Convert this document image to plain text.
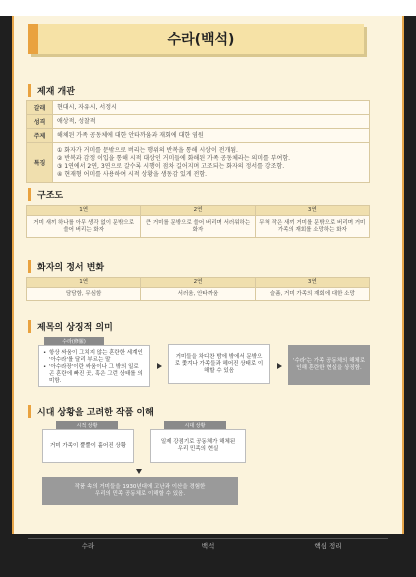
수라(백석)
제재 개관
갈래	현대시, 자유시, 서정시
성격	애상적, 성찰적
주제	해체된 가족 공동체에 대한 안타까움과 재회에 대한 염원
특징	① 화자가 거미를 문밖으로 버리는 행위의 반복을 통해 시상이 전개됨.
② 반복과 감정 이입을 통해 시적 대상인 거미들에 화해된 가족 공동체라는 의미를 부여함.
③ 1연에서 2연, 3연으로 갈수록 시행이 점차 길어지며 고조되는 화자의 정서를 강조함.
④ 현재형 어미를 사용하여 시적 상황을 생동감 있게 전함.
구조도
1연	2연	3연
거미 새끼 하나를 아무 생각 없이 문밖으로 쓸어 버리는 화자	큰 거미를 문밖으로 쓸어 버리며 서러워하는 화자	무척 작은 새끼 거미를 문밖으로 버리며 거미 가족의 재회를 소망하는 화자
화자의 정서 변화
1연	2연	3연
담담함, 무심함	서러움, 안타까움	슬픔, 거미 가족의 재회에 대한 소망
제목의 상징적 의미
수라(修羅)
• 항상 싸움이 그치지 않는 혼란한 세계인 '아수라'를 달리 부르는 말
• '아수라장'이란 싸움이나 그 밖의 일로 곤 혼란에 빠진 곳, 혹은 그런 상태를 의미함.
거미들을 차디찬 밤에 밖에서 문밖으로 쫓겨나 가족들과 헤어진 상태로 이해할 수 있음
'수라'는 가족 공동체의 해체로 인해 혼란한 현실을 상징함.
시대 상황을 고려한 작품 이해
시적 상황
거미 가족이 뿔뿔이 흩어진 상황
시대 상황
일제 강점기로 공동체가 해체된 우리 민족의 현실
작품 속의 거미들을 1930년대에 고난과 이산을 경험한 우리의 민족 공동체로 이해할 수 있음.
수라	백석	핵심 정리
